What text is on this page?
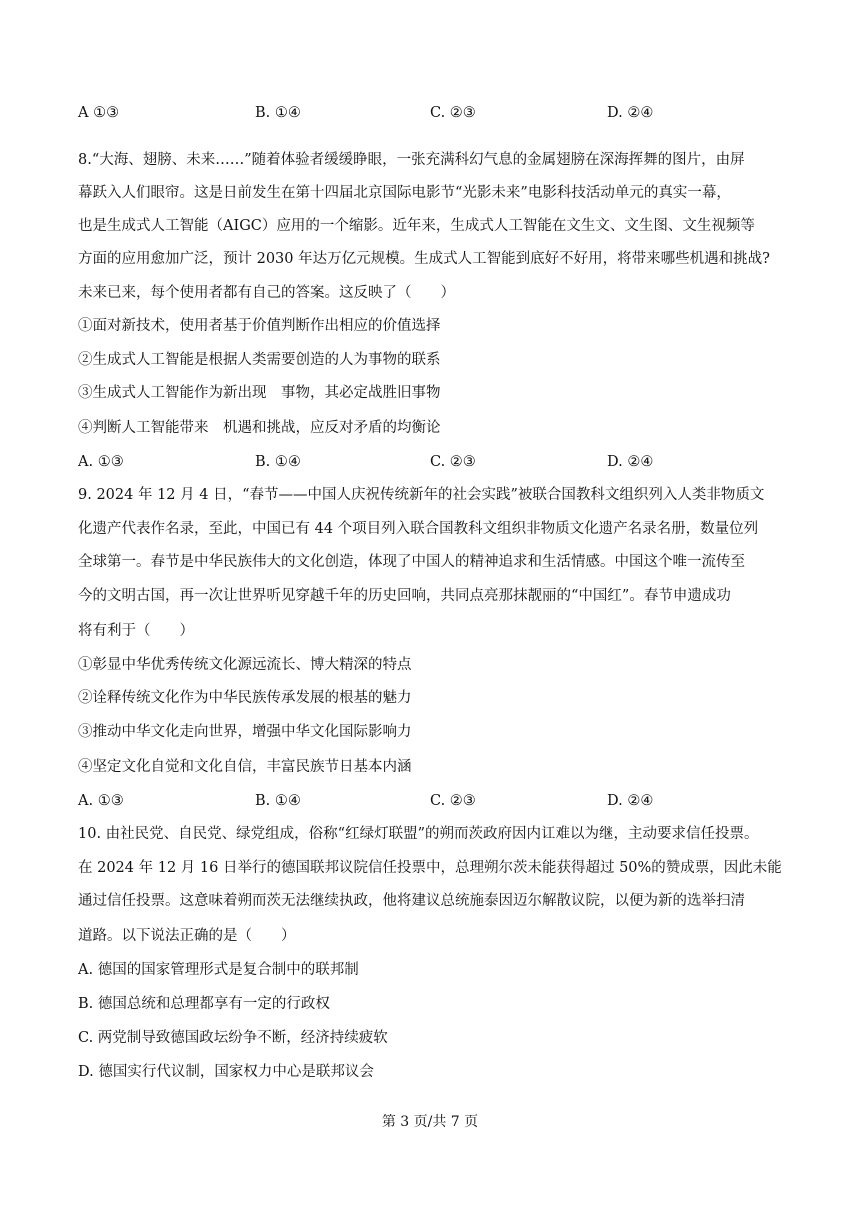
A ①③	B. ①④	C. ②③	D. ②④
8.“大海、翅膀、未来……”随着体验者缓缓睁眼，一张充满科幻气息的金属翅膀在深海挥舞的图片，由屏
幕跃入人们眼帘。这是日前发生在第十四届北京国际电影节“光影未来”电影科技活动单元的真实一幕，
也是生成式人工智能（AIGC）应用的一个缩影。近年来，生成式人工智能在文生文、文生图、文生视频等
方面的应用愈加广泛，预计 2030 年达万亿元规模。生成式人工智能到底好不好用，将带来哪些机遇和挑战?
未来已来，每个使用者都有自己的答案。这反映了（　　）
①面对新技术，使用者基于价值判断作出相应的价值选择
②生成式人工智能是根据人类需要创造的人为事物的联系
③生成式人工智能作为新出现　事物，其必定战胜旧事物
④判断人工智能带来　机遇和挑战，应反对矛盾的均衡论
A. ①③	B. ①④	C. ②③	D. ②④
9. 2024 年 12 月 4 日，“春节——中国人庆祝传统新年的社会实践”被联合国教科文组织列入人类非物质文
化遗产代表作名录，至此，中国已有 44 个项目列入联合国教科文组织非物质文化遗产名录名册，数量位列
全球第一。春节是中华民族伟大的文化创造，体现了中国人的精神追求和生活情感。中国这个唯一流传至
今的文明古国，再一次让世界听见穿越千年的历史回响，共同点亮那抹靓丽的“中国红”。春节申遗成功
将有利于（　　）
①彰显中华优秀传统文化源远流长、博大精深的特点
②诠释传统文化作为中华民族传承发展的根基的魅力
③推动中华文化走向世界，增强中华文化国际影响力
④坚定文化自觉和文化自信，丰富民族节日基本内涵
A. ①③	B. ①④	C. ②③	D. ②④
10. 由社民党、自民党、绿党组成，俗称“红绿灯联盟”的朔而茨政府因内讧难以为继，主动要求信任投票。
在 2024 年 12 月 16 日举行的德国联邦议院信任投票中，总理朔尔茨未能获得超过 50%的赞成票，因此未能
通过信任投票。这意味着朔而茨无法继续执政，他将建议总统施泰因迈尔解散议院，以便为新的选举扫清
道路。以下说法正确的是（　　）
A. 德国的国家管理形式是复合制中的联邦制
B. 德国总统和总理都享有一定的行政权
C. 两党制导致德国政坛纷争不断，经济持续疲软
D. 德国实行代议制，国家权力中心是联邦议会
第 3 页/共 7 页
